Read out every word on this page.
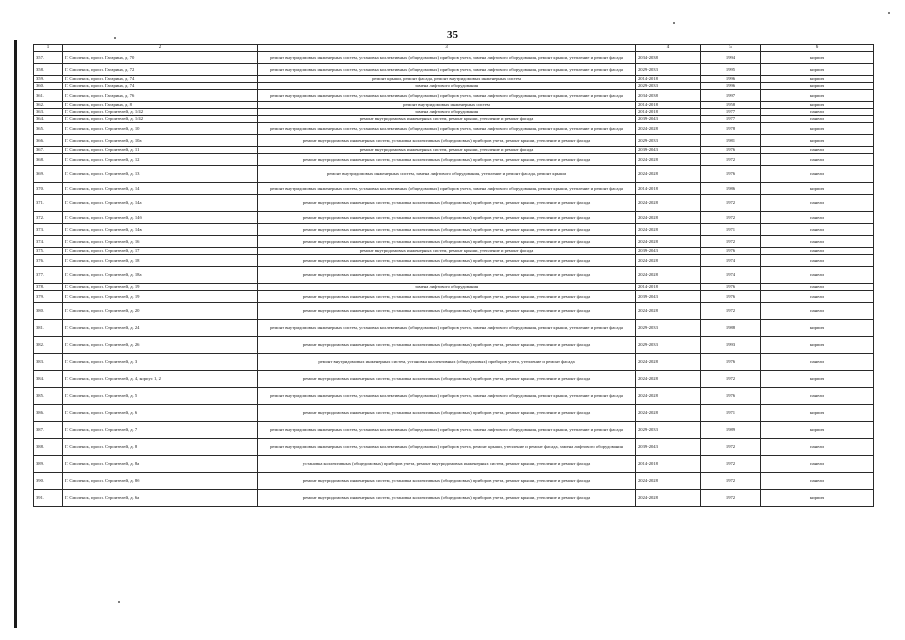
35
1	2	3	4	5	6
357.	Г. Смоленск, просп. Гагарина, д. 70	ремонт внутридомовых инженерных систем, установка коллективных (общедомовых) приборов учета, замена лифтового оборудования, ремонт крыши, утепление и ремонт фасада	2034-2038	1994	кирпич
358.	Г. Смоленск, просп. Гагарина, д. 72	ремонт внутридомовых инженерных систем, установка коллективных (общедомовых) приборов учета, замена лифтового оборудования, ремонт крыши, утепление и ремонт фасада	2029-2033	1995	кирпич
359.	Г. Смоленск, просп. Гагарина, д. 74	ремонт крыши, ремонт фасада, ремонт внутридомовых инженерных систем	2014-2018	1996	кирпич
360.	Г. Смоленск, просп. Гагарина, д. 74	замена лифтового оборудования	2029-2033	1996	кирпич
361.	Г. Смоленск, просп. Гагарина, д. 76	ремонт внутридомовых инженерных систем, установка коллективных (общедомовых) приборов учета, замена лифтового оборудования, ремонт крыши, утепление и ремонт фасада	2034-2038	1997	кирпич
362.	Г. Смоленск, просп. Гагарина, д. 8	ремонт внутридомовых инженерных систем	2014-2018	1958	кирпич
363.	Г. Смоленск, просп. Строителей, д. 1/42	замена лифтового оборудования	2014-2018	1977	панели
364.	Г. Смоленск, просп. Строителей, д. 1/42	ремонт внутридомовых инженерных систем, ремонт крыши, утепление и ремонт фасада	2039-2043	1977	панели
365.	Г. Смоленск, просп. Строителей, д. 10	ремонт внутридомовых инженерных систем, установка коллективных (общедомовых) приборов учета, замена лифтового оборудования, ремонт крыши, утепление и ремонт фасада	2024-2028	1978	кирпич
366.	Г. Смоленск, просп. Строителей, д. 10а	ремонт внутридомовых инженерных систем, установка коллективных (общедомовых) приборов учета, ремонт крыши, утепление и ремонт фасада	2029-2033	1981	кирпич
367.	Г. Смоленск, просп. Строителей, д. 11	ремонт внутридомовых инженерных систем, ремонт крыши, утепление и ремонт фасада	2039-2043	1976	панели
368.	Г. Смоленск, просп. Строителей, д. 12	ремонт внутридомовых инженерных систем, установка коллективных (общедомовых) приборов учета, ремонт крыши, утепление и ремонт фасада	2024-2028	1972	панели
369.	Г. Смоленск, просп. Строителей, д. 13	ремонт внутридомовых инженерных систем, замена лифтового оборудования, утепление и ремонт фасада, ремонт крыши	2024-2028	1976	панели
370.	Г. Смоленск, просп. Строителей, д. 14	ремонт внутридомовых инженерных систем, установка коллективных (общедомовых) приборов учета, замена лифтового оборудования, ремонт крыши, утепление и ремонт фасада	2014-2018	1986	кирпич
371.	Г. Смоленск, просп. Строителей, д. 14а	ремонт внутридомовых инженерных систем, установка коллективных (общедомовых) приборов учета, ремонт крыши, утепление и ремонт фасада	2024-2028	1972	панели
372.	Г. Смоленск, просп. Строителей, д. 14б	ремонт внутридомовых инженерных систем, установка коллективных (общедомовых) приборов учета, ремонт крыши, утепление и ремонт фасада	2024-2028	1972	панели
373.	Г. Смоленск, просп. Строителей, д. 14в	ремонт внутридомовых инженерных систем, установка коллективных (общедомовых) приборов учета, ремонт крыши, утепление и ремонт фасада	2024-2028	1971	панели
374.	Г. Смоленск, просп. Строителей, д. 16	ремонт внутридомовых инженерных систем, установка коллективных (общедомовых) приборов учета, ремонт крыши, утепление и ремонт фасада	2024-2028	1972	панели
375.	Г. Смоленск, просп. Строителей, д. 17	ремонт внутридомовых инженерных систем, ремонт крыши, утепление и ремонт фасада	2039-2043	1976	панели
376.	Г. Смоленск, просп. Строителей, д. 18	ремонт внутридомовых инженерных систем, установка коллективных (общедомовых) приборов учета, ремонт крыши, утепление и ремонт фасада	2024-2028	1974	панели
377.	Г. Смоленск, просп. Строителей, д. 18а	ремонт внутридомовых инженерных систем, установка коллективных (общедомовых) приборов учета, ремонт крыши, утепление и ремонт фасада	2024-2028	1974	панели
378.	Г. Смоленск, просп. Строителей, д. 19	замена лифтового оборудования	2014-2018	1976	панели
379.	Г. Смоленск, просп. Строителей, д. 19	ремонт внутридомовых инженерных систем, установка коллективных (общедомовых) приборов учета, ремонт крыши, утепление и ремонт фасада	2039-2043	1976	панели
380.	Г. Смоленск, просп. Строителей, д. 20	ремонт внутридомовых инженерных систем, установка коллективных (общедомовых) приборов учета, ремонт крыши, утепление и ремонт фасада	2024-2028	1972	панели
381.	Г. Смоленск, просп. Строителей, д. 24	ремонт внутридомовых инженерных систем, установка коллективных (общедомовых) приборов учета, замена лифтового оборудования, ремонт крыши, утепление и ремонт фасада	2029-2033	1988	кирпич
382.	Г. Смоленск, просп. Строителей, д. 26	ремонт внутридомовых инженерных систем, установка коллективных (общедомовых) приборов учета, ремонт крыши, утепление и ремонт фасада	2029-2033	1993	кирпич
383.	Г. Смоленск, просп. Строителей, д. 3	ремонт внутридомовых инженерных систем, установка коллективных (общедомовых) приборов учета, утепление и ремонт фасада	2024-2028	1976	панели
384.	Г. Смоленск, просп. Строителей, д. 4, корпус 1, 2	ремонт внутридомовых инженерных систем, установка коллективных (общедомовых) приборов учета, ремонт крыши, утепление и ремонт фасада	2024-2028	1972	кирпич
385.	Г. Смоленск, просп. Строителей, д. 5	ремонт внутридомовых инженерных систем, установка коллективных (общедомовых) приборов учета, замена лифтового оборудования, ремонт крыши, утепление и ремонт фасада	2024-2028	1976	панели
386.	Г. Смоленск, просп. Строителей, д. 6	ремонт внутридомовых инженерных систем, установка коллективных (общедомовых) приборов учета, ремонт крыши, утепление и ремонт фасада	2024-2028	1971	кирпич
387.	Г. Смоленск, просп. Строителей, д. 7	ремонт внутридомовых инженерных систем, установка коллективных (общедомовых) приборов учета, замена лифтового оборудования, ремонт крыши, утепление и ремонт фасада	2029-2033	1989	кирпич
388.	Г. Смоленск, просп. Строителей, д. 8	ремонт внутридомовых инженерных систем, установка коллективных (общедомовых) приборов учета, ремонт крыши, утепление и ремонт фасада, замена лифтового оборудования	2039-2043	1972	панели
389.	Г. Смоленск, просп. Строителей, д. 8а	установка коллективных (общедомовых) приборов учета, ремонт внутридомовых инженерных систем, ремонт крыши, утепление и ремонт фасада	2014-2018	1972	панели
390.	Г. Смоленск, просп. Строителей, д. 8б	ремонт внутридомовых инженерных систем, установка коллективных (общедомовых) приборов учета, ремонт крыши, утепление и ремонт фасада	2024-2028	1972	панели
391.	Г. Смоленск, просп. Строителей, д. 6а	ремонт внутридомовых инженерных систем, установка коллективных (общедомовых) приборов учета, ремонт крыши, утепление и ремонт фасада	2024-2028	1972	кирпич
